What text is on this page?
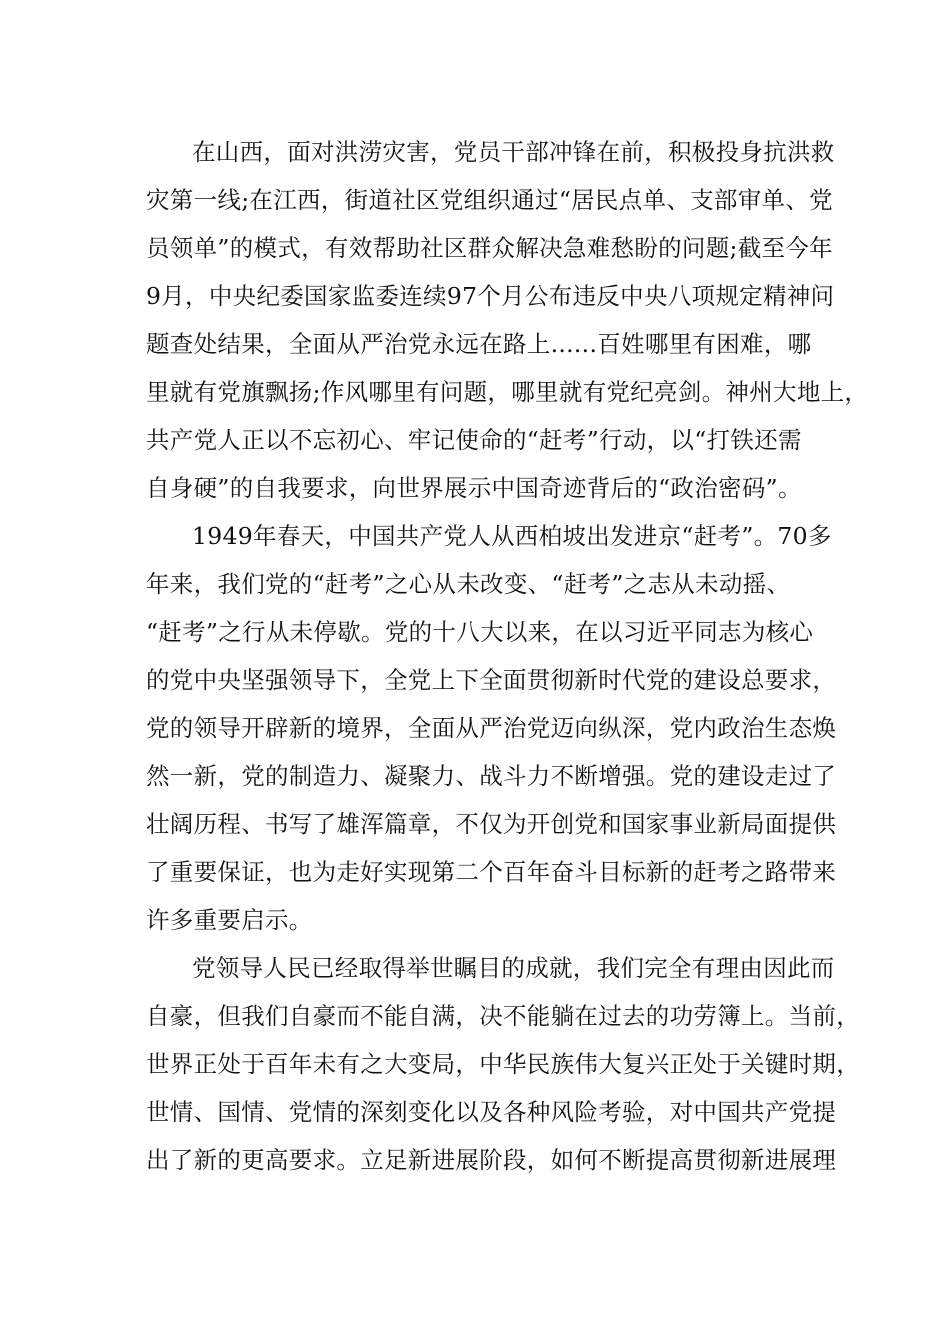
在山西，面对洪涝灾害，党员干部冲锋在前，积极投身抗洪救
灾第一线;在江西，街道社区党组织通过“居民点单、支部审单、党
员领单”的模式，有效帮助社区群众解决急难愁盼的问题;截至今年
9月，中央纪委国家监委连续97个月公布违反中央八项规定精神问
题查处结果，全面从严治党永远在路上......百姓哪里有困难，哪
里就有党旗飘扬;作风哪里有问题，哪里就有党纪亮剑。神州大地上，
共产党人正以不忘初心、牢记使命的“赶考”行动，以“打铁还需
自身硬”的自我要求，向世界展示中国奇迹背后的“政治密码”。
1949年春天，中国共产党人从西柏坡出发进京“赶考”。70多
年来，我们党的“赶考”之心从未改变、“赶考”之志从未动摇、
“赶考”之行从未停歇。党的十八大以来，在以习近平同志为核心
的党中央坚强领导下，全党上下全面贯彻新时代党的建设总要求，
党的领导开辟新的境界，全面从严治党迈向纵深，党内政治生态焕
然一新，党的制造力、凝聚力、战斗力不断增强。党的建设走过了
壮阔历程、书写了雄浑篇章，不仅为开创党和国家事业新局面提供
了重要保证，也为走好实现第二个百年奋斗目标新的赶考之路带来
许多重要启示。
党领导人民已经取得举世瞩目的成就，我们完全有理由因此而
自豪，但我们自豪而不能自满，决不能躺在过去的功劳簿上。当前，
世界正处于百年未有之大变局，中华民族伟大复兴正处于关键时期，
世情、国情、党情的深刻变化以及各种风险考验，对中国共产党提
出了新的更高要求。立足新进展阶段，如何不断提高贯彻新进展理
